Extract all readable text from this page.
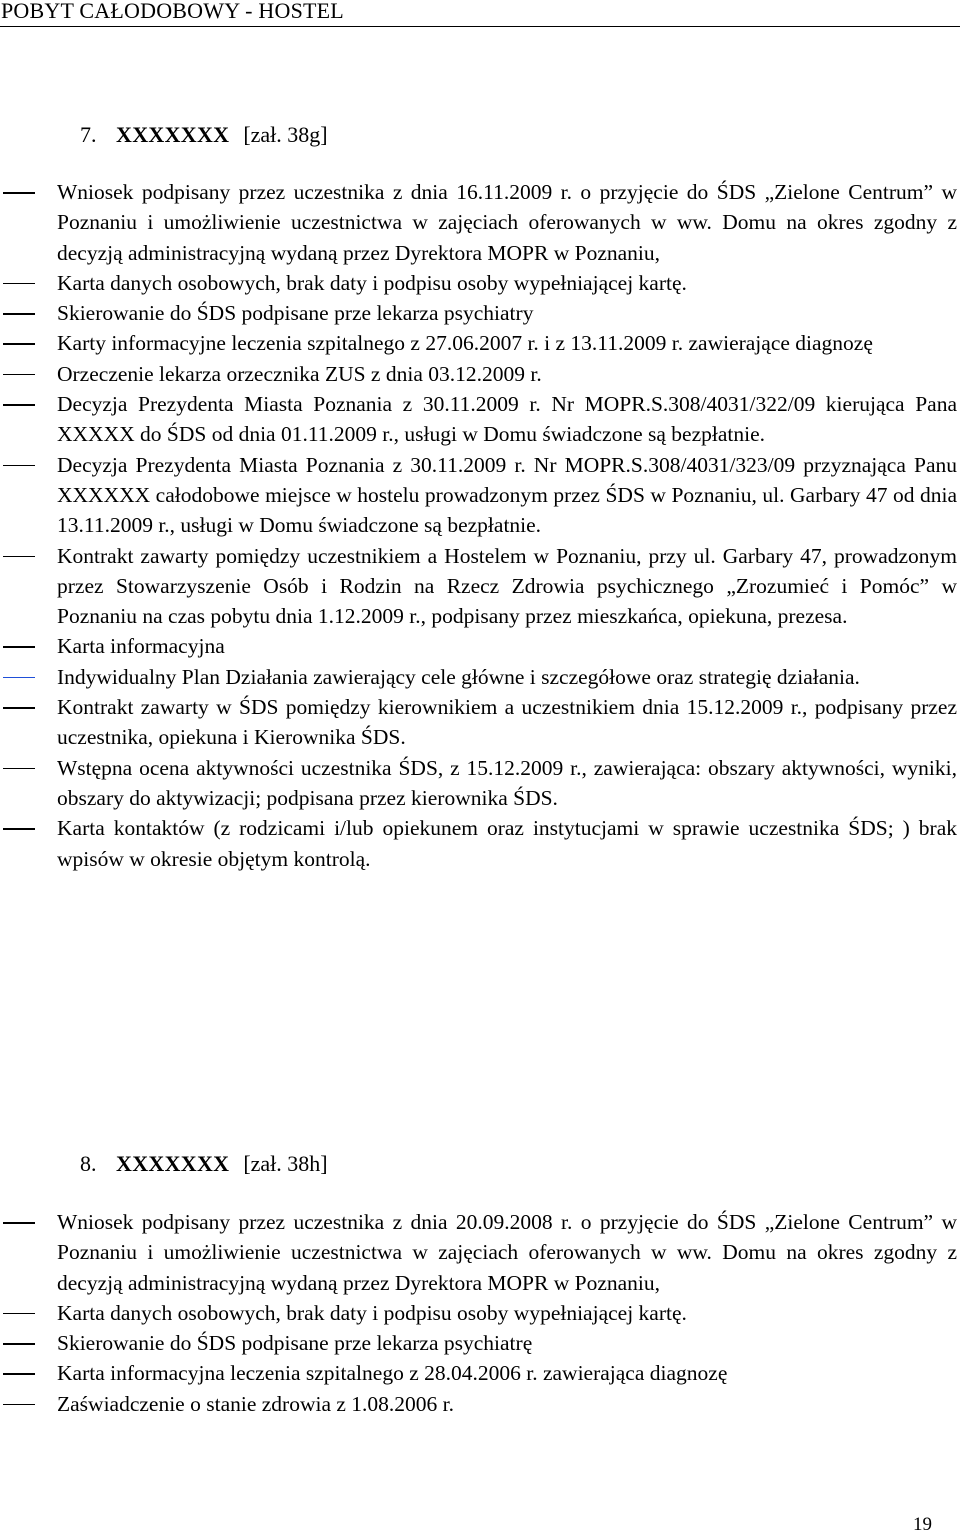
POBYT CAŁODOBOWY - HOSTEL
7. XXXXXXX [zał. 38g]
Wniosek podpisany przez uczestnika z dnia 16.11.2009 r. o przyjęcie do ŚDS „Zielone Centrum” w Poznaniu i umożliwienie uczestnictwa w zajęciach oferowanych w ww. Domu na okres zgodny z decyzją administracyjną wydaną przez Dyrektora MOPR w Poznaniu,
Karta danych osobowych, brak daty i podpisu osoby wypełniającej kartę.
Skierowanie do ŚDS podpisane prze lekarza psychiatry
Karty informacyjne leczenia szpitalnego z 27.06.2007 r. i z 13.11.2009 r. zawierające diagnozę
Orzeczenie lekarza orzecznika ZUS z dnia 03.12.2009 r.
Decyzja Prezydenta Miasta Poznania z 30.11.2009 r. Nr MOPR.S.308/4031/322/09 kierująca Pana XXXXX do ŚDS od dnia 01.11.2009 r., usługi w Domu świadczone są bezpłatnie.
Decyzja Prezydenta Miasta Poznania z 30.11.2009 r. Nr MOPR.S.308/4031/323/09 przyznająca Panu XXXXXX całodobowe miejsce w hostelu prowadzonym przez ŚDS w Poznaniu, ul. Garbary 47 od dnia 13.11.2009 r., usługi w Domu świadczone są bezpłatnie.
Kontrakt zawarty pomiędzy uczestnikiem a Hostelem w Poznaniu, przy ul. Garbary 47, prowadzonym przez Stowarzyszenie Osób i Rodzin na Rzecz Zdrowia psychicznego „Zrozumieć i Pomóc” w Poznaniu na czas pobytu dnia 1.12.2009 r., podpisany przez mieszkańca, opiekuna, prezesa.
Karta informacyjna
Indywidualny Plan Działania zawierający cele główne i szczegółowe oraz strategię działania.
Kontrakt zawarty w ŚDS pomiędzy kierownikiem a uczestnikiem dnia 15.12.2009 r., podpisany przez uczestnika, opiekuna i Kierownika ŚDS.
Wstępna ocena aktywności uczestnika ŚDS, z 15.12.2009 r., zawierająca: obszary aktywności, wyniki, obszary do aktywizacji; podpisana przez kierownika ŚDS.
Karta kontaktów (z rodzicami i/lub opiekunem oraz instytucjami w sprawie uczestnika ŚDS; ) brak wpisów w okresie objętym kontrolą.
8. XXXXXXX [zał. 38h]
Wniosek podpisany przez uczestnika z dnia 20.09.2008 r. o przyjęcie do ŚDS „Zielone Centrum” w Poznaniu i umożliwienie uczestnictwa w zajęciach oferowanych w ww. Domu na okres zgodny z decyzją administracyjną wydaną przez Dyrektora MOPR w Poznaniu,
Karta danych osobowych, brak daty i podpisu osoby wypełniającej kartę.
Skierowanie do ŚDS podpisane prze lekarza psychiatrę
Karta informacyjna leczenia szpitalnego z 28.04.2006 r. zawierająca diagnozę
Zaświadczenie o stanie zdrowia z 1.08.2006 r.
19
